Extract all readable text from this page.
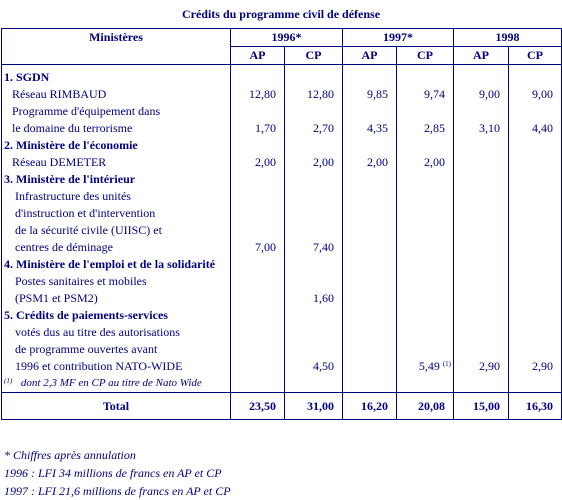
Crédits du programme civil de défense
Ministères	1996*		1997*		1998	
	AP	CP	AP	CP	AP	CP

1. SGDN						
Réseau RIMBAUD	12,80	12,80	9,85	9,74	9,00	9,00
Programme d'équipement dans						
le domaine du terrorisme	1,70	2,70	4,35	2,85	3,10	4,40
2. Ministère de l'économie						
Réseau DEMETER	2,00	2,00	2,00	2,00		
3. Ministère de l'intérieur						
Infrastructure des unités						
d'instruction et d'intervention						
de la sécurité civile (UIISC) et						
centres de déminage	7,00	7,40				
4. Ministère de l'emploi et de la solidarité						
Postes sanitaires et mobiles						
(PSM1 et PSM2)		1,60				
5. Crédits de paiements-services						
votés dus au titre des autorisations						
de programme ouvertes avant						
1996 et contribution NATO-WIDE		4,50		5,49 $^{(1)}$	2,90	2,90
$^{(1)}$ dont 2,3 MF en CP au titre de Nato Wide						
Total	23,50	31,00	16,20	20,08	15,00	16,30
* Chiffres après annulation
1996 : LFI 34 millions de francs en AP et CP
1997 : LFI 21,6 millions de francs en AP et CP
